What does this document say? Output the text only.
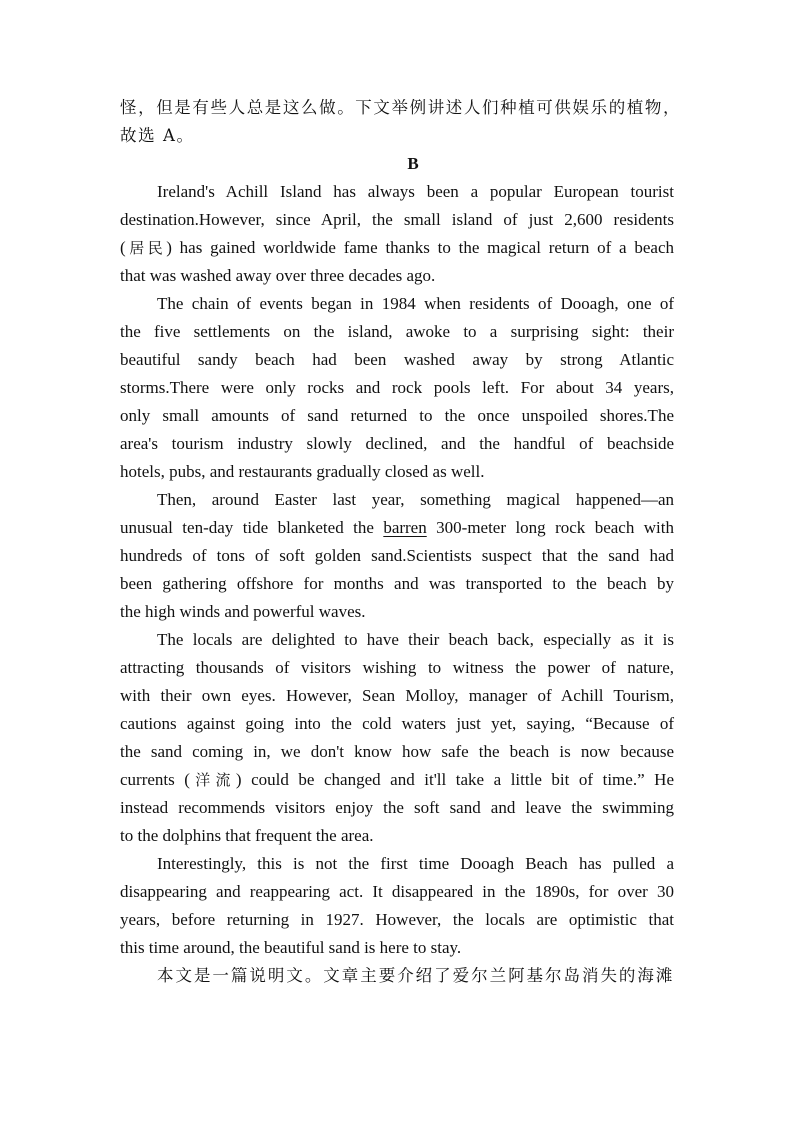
怪，但是有些人总是这么做。下文举例讲述人们种植可供娱乐的植物，
故选 A。
B
Ireland's Achill Island has always been a popular European tourist
destination.However, since April, the small island of just 2,600 residents
(居民) has gained worldwide fame thanks to the magical return of a beach
that was washed away over three decades ago.
The chain of events began in 1984 when residents of Dooagh, one of
the five settlements on the island, awoke to a surprising sight: their
beautiful sandy beach had been washed away by strong Atlantic
storms.There were only rocks and rock pools left. For about 34 years,
only small amounts of sand returned to the once unspoiled shores.The
area's tourism industry slowly declined, and the handful of beachside
hotels, pubs, and restaurants gradually closed as well.
Then, around Easter last year, something magical happened—an
unusual ten-day tide blanketed the barren 300-meter long rock beach with
hundreds of tons of soft golden sand.Scientists suspect that the sand had
been gathering offshore for months and was transported to the beach by
the high winds and powerful waves.
The locals are delighted to have their beach back, especially as it is
attracting thousands of visitors wishing to witness the power of nature,
with their own eyes. However, Sean Molloy, manager of Achill Tourism,
cautions against going into the cold waters just yet, saying, “Because of
the sand coming in, we don't know how safe the beach is now because
currents (洋流) could be changed and it'll take a little bit of time.” He
instead recommends visitors enjoy the soft sand and leave the swimming
to the dolphins that frequent the area.
Interestingly, this is not the first time Dooagh Beach has pulled a
disappearing and reappearing act. It disappeared in the 1890s, for over 30
years, before returning in 1927. However, the locals are optimistic that
this time around, the beautiful sand is here to stay.
本文是一篇说明文。文章主要介绍了爱尔兰阿基尔岛消失的海滩
